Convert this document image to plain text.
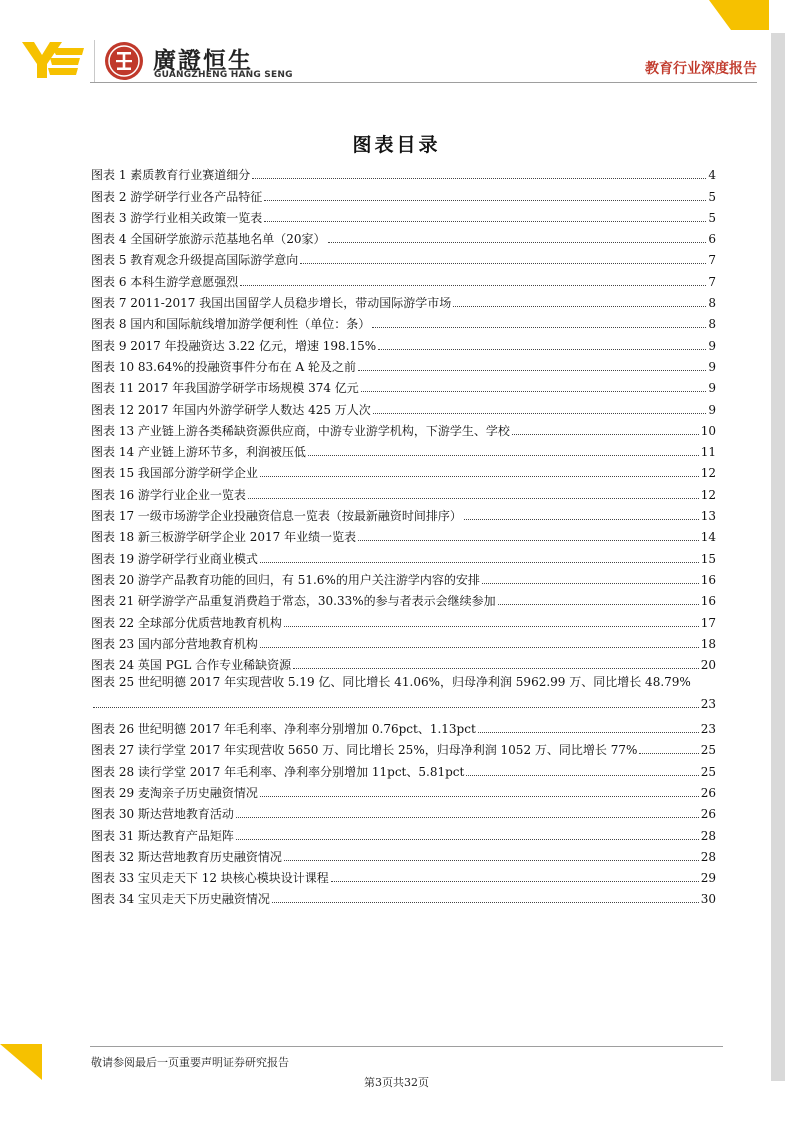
廣證恒生
GUANGZHENG HANG SENG	教育行业深度报告
图表目录
图表 1 素质教育行业赛道细分	4
图表 2 游学研学行业各产品特征	5
图表 3 游学行业相关政策一览表	5
图表 4 全国研学旅游示范基地名单（20家）	6
图表 5 教育观念升级提高国际游学意向	7
图表 6 本科生游学意愿强烈	7
图表 7 2011-2017 我国出国留学人员稳步增长，带动国际游学市场	8
图表 8 国内和国际航线增加游学便利性（单位：条）	8
图表 9 2017 年投融资达 3.22 亿元，增速 198.15%	9
图表 10 83.64%的投融资事件分布在 A 轮及之前	9
图表 11 2017 年我国游学研学市场规模 374 亿元	9
图表 12 2017 年国内外游学研学人数达 425 万人次	9
图表 13 产业链上游各类稀缺资源供应商，中游专业游学机构，下游学生、学校	10
图表 14 产业链上游环节多，利润被压低	11
图表 15 我国部分游学研学企业	12
图表 16 游学行业企业一览表	12
图表 17 一级市场游学企业投融资信息一览表（按最新融资时间排序）	13
图表 18 新三板游学研学企业 2017 年业绩一览表	14
图表 19 游学研学行业商业模式	15
图表 20 游学产品教育功能的回归，有 51.6%的用户关注游学内容的安排	16
图表 21 研学游学产品重复消费趋于常态，30.33%的参与者表示会继续参加	16
图表 22 全球部分优质营地教育机构	17
图表 23 国内部分营地教育机构	18
图表 24 英国 PGL 合作专业稀缺资源	20
图表 25 世纪明德 2017 年实现营收 5.19 亿、同比增长 41.06%，归母净利润 5962.99 万、同比增长 48.79%
23
图表 26 世纪明德 2017 年毛利率、净利率分别增加 0.76pct、1.13pct	23
图表 27 读行学堂 2017 年实现营收 5650 万、同比增长 25%，归母净利润 1052 万、同比增长 77%	25
图表 28 读行学堂 2017 年毛利率、净利率分别增加 11pct、5.81pct	25
图表 29 麦淘亲子历史融资情况	26
图表 30 斯达营地教育活动	26
图表 31 斯达教育产品矩阵	28
图表 32 斯达营地教育历史融资情况	28
图表 33 宝贝走天下 12 块核心模块设计课程	29
图表 34 宝贝走天下历史融资情况	30
敬请参阅最后一页重要声明证券研究报告
第3页共32页
